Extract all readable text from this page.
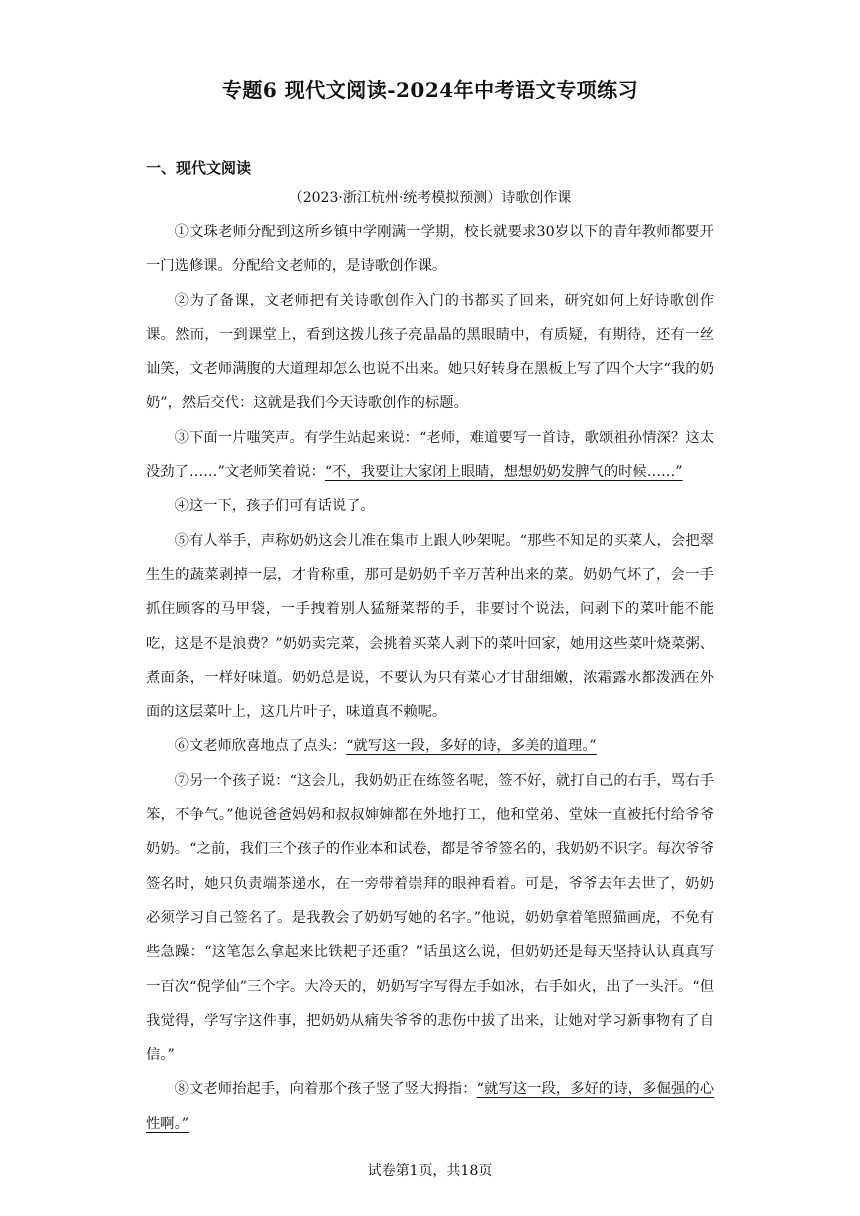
专题6 现代文阅读-2024年中考语文专项练习
一、现代文阅读
（2023·浙江杭州·统考模拟预测）诗歌创作课

①文珠老师分配到这所乡镇中学刚满一学期，校长就要求30岁以下的青年教师都要开一门选修课。分配给文老师的，是诗歌创作课。

②为了备课，文老师把有关诗歌创作入门的书都买了回来，研究如何上好诗歌创作课。然而，一到课堂上，看到这拨儿孩子亮晶晶的黑眼睛中，有质疑，有期待，还有一丝讪笑，文老师满腹的大道理却怎么也说不出来。她只好转身在黑板上写了四个大字“我的奶奶”，然后交代：这就是我们今天诗歌创作的标题。

③下面一片嗤笑声。有学生站起来说：“老师，难道要写一首诗，歌颂祖孙情深？这太没劲了……”文老师笑着说：“不，我要让大家闭上眼睛，想想奶奶发脾气的时候……”

④这一下，孩子们可有话说了。

⑤有人举手，声称奶奶这会儿准在集市上跟人吵架呢。“那些不知足的买菜人，会把翠生生的蔬菜剥掉一层，才肯称重，那可是奶奶千辛万苦种出来的菜。奶奶气坏了，会一手抓住顾客的马甲袋，一手拽着别人猛掰菜帮的手，非要讨个说法，问剥下的菜叶能不能吃，这是不是浪费？”奶奶卖完菜，会挑着买菜人剥下的菜叶回家，她用这些菜叶烧菜粥、煮面条，一样好味道。奶奶总是说，不要认为只有菜心才甘甜细嫩，浓霜露水都泼洒在外面的这层菜叶上，这几片叶子，味道真不赖呢。

⑥文老师欣喜地点了点头：“就写这一段，多好的诗，多美的道理。”

⑦另一个孩子说：“这会儿，我奶奶正在练签名呢，签不好，就打自己的右手，骂右手笨，不争气。”他说爸爸妈妈和叔叔婶婶都在外地打工，他和堂弟、堂妹一直被托付给爷爷奶奶。“之前，我们三个孩子的作业本和试卷，都是爷爷签名的，我奶奶不识字。每次爷爷签名时，她只负责端茶递水，在一旁带着崇拜的眼神看着。可是，爷爷去年去世了，奶奶必须学习自己签名了。是我教会了奶奶写她的名字。”他说，奶奶拿着笔照猫画虎，不免有些急躁：“这笔怎么拿起来比铁耙子还重？”话虽这么说，但奶奶还是每天坚持认认真真写一百次“倪学仙”三个字。大冷天的，奶奶写字写得左手如冰，右手如火，出了一头汗。“但我觉得，学写字这件事，把奶奶从痛失爷爷的悲伤中拔了出来，让她对学习新事物有了自信。”

⑧文老师抬起手，向着那个孩子竖了竖大拇指：“就写这一段，多好的诗，多倔强的心性啊。”

试卷第1页，共18页
